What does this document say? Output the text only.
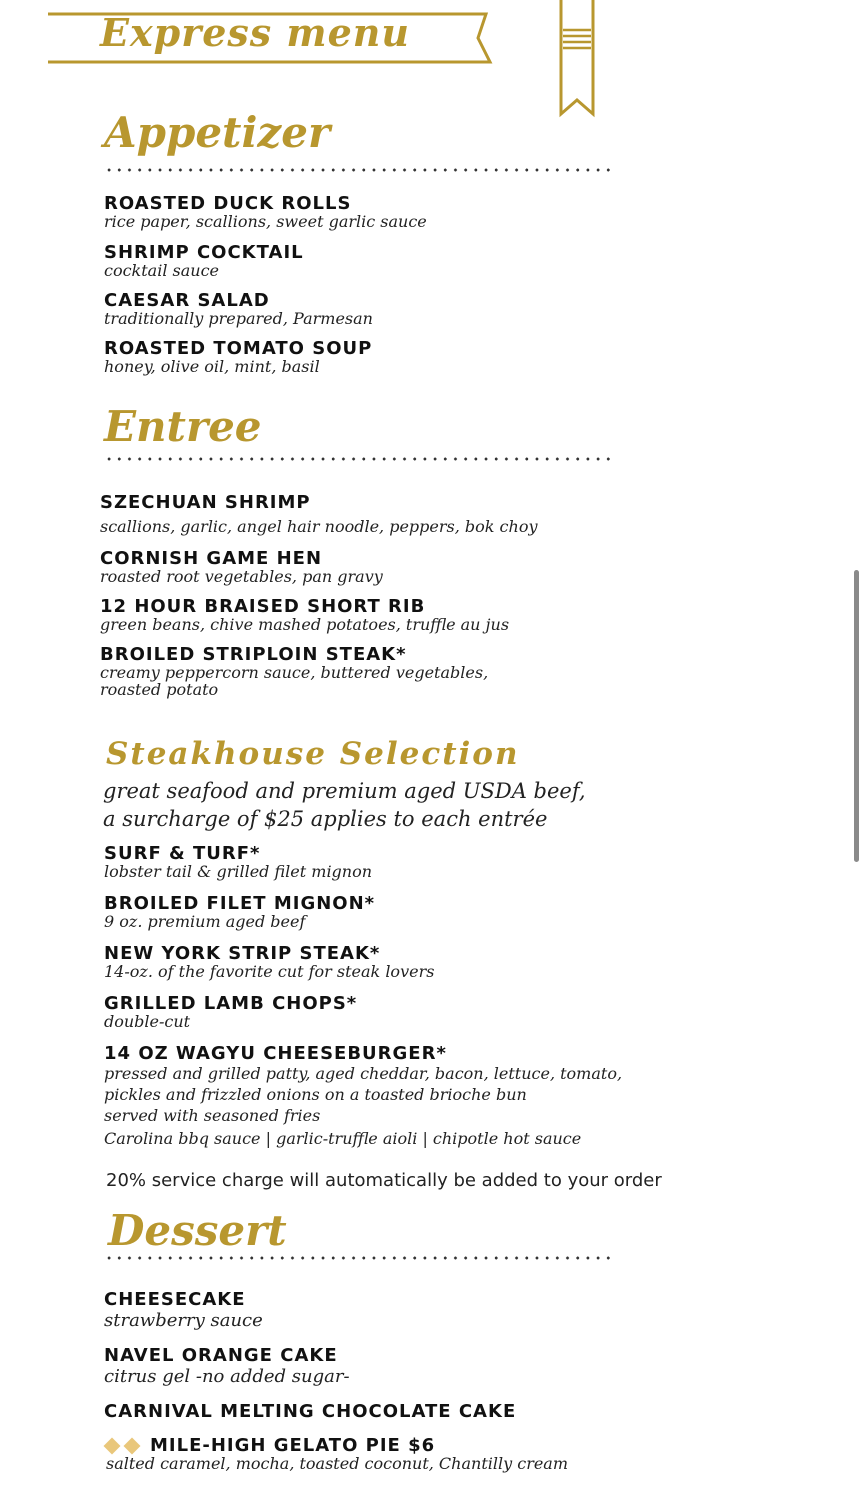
Express menu
Appetizer
ROASTED DUCK ROLLS
rice paper, scallions, sweet garlic sauce
SHRIMP COCKTAIL
cocktail sauce
CAESAR SALAD
traditionally prepared, Parmesan
ROASTED TOMATO SOUP
honey, olive oil, mint, basil
Entree
SZECHUAN SHRIMP
scallions, garlic, angel hair noodle, peppers, bok choy
CORNISH GAME HEN
roasted root vegetables, pan gravy
12 HOUR BRAISED SHORT RIB
green beans, chive mashed potatoes, truffle au jus
BROILED STRIPLOIN STEAK*
creamy peppercorn sauce, buttered vegetables,
roasted potato
Steakhouse Selection
great seafood and premium aged USDA beef,
a surcharge of $25 applies to each entrée
SURF & TURF*
lobster tail & grilled filet mignon
BROILED FILET MIGNON*
9 oz. premium aged beef
NEW YORK STRIP STEAK*
14-oz. of the favorite cut for steak lovers
GRILLED LAMB CHOPS*
double-cut
14 OZ WAGYU CHEESEBURGER*
pressed and grilled patty, aged cheddar, bacon, lettuce, tomato,
pickles and frizzled onions on a toasted brioche bun
served with seasoned fries
Carolina bbq sauce | garlic-truffle aioli | chipotle hot sauce
20% service charge will automatically be added to your order
Dessert
CHEESECAKE
strawberry sauce
NAVEL ORANGE CAKE
citrus gel -no added sugar-
CARNIVAL MELTING CHOCOLATE CAKE
MILE-HIGH GELATO PIE $6
salted caramel, mocha, toasted coconut, Chantilly cream
